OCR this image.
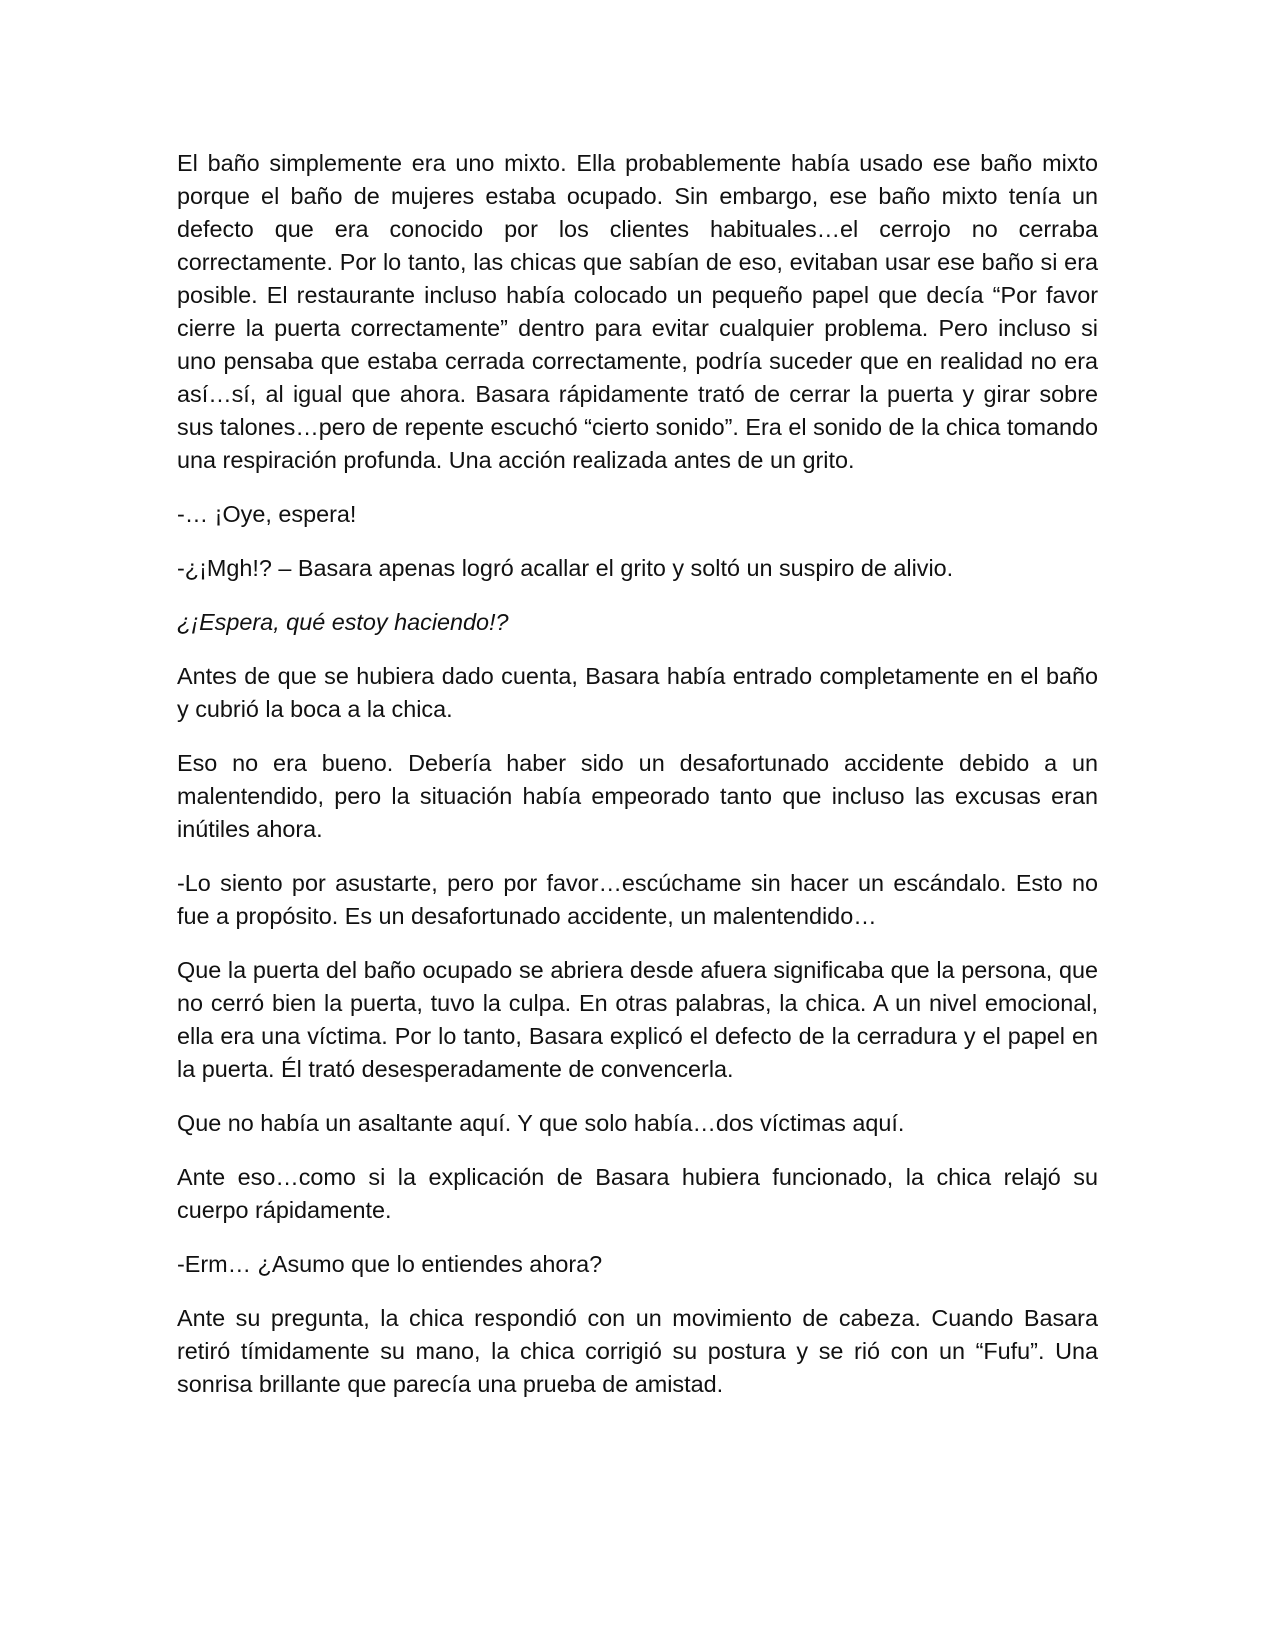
El baño simplemente era uno mixto. Ella probablemente había usado ese baño mixto porque el baño de mujeres estaba ocupado. Sin embargo, ese baño mixto tenía un defecto que era conocido por los clientes habituales…el cerrojo no cerraba correctamente. Por lo tanto, las chicas que sabían de eso, evitaban usar ese baño si era posible. El restaurante incluso había colocado un pequeño papel que decía “Por favor cierre la puerta correctamente” dentro para evitar cualquier problema. Pero incluso si uno pensaba que estaba cerrada correctamente, podría suceder que en realidad no era así…sí, al igual que ahora. Basara rápidamente trató de cerrar la puerta y girar sobre sus talones…pero de repente escuchó “cierto sonido”. Era el sonido de la chica tomando una respiración profunda. Una acción realizada antes de un grito.

-… ¡Oye, espera!

-¿¡Mgh!? – Basara apenas logró acallar el grito y soltó un suspiro de alivio.

¿¡Espera, qué estoy haciendo!?

Antes de que se hubiera dado cuenta, Basara había entrado completamente en el baño y cubrió la boca a la chica.

Eso no era bueno. Debería haber sido un desafortunado accidente debido a un malentendido, pero la situación había empeorado tanto que incluso las excusas eran inútiles ahora.

-Lo siento por asustarte, pero por favor…escúchame sin hacer un escándalo. Esto no fue a propósito. Es un desafortunado accidente, un malentendido…

Que la puerta del baño ocupado se abriera desde afuera significaba que la persona, que no cerró bien la puerta, tuvo la culpa. En otras palabras, la chica. A un nivel emocional, ella era una víctima. Por lo tanto, Basara explicó el defecto de la cerradura y el papel en la puerta. Él trató desesperadamente de convencerla.

Que no había un asaltante aquí. Y que solo había…dos víctimas aquí.

Ante eso…como si la explicación de Basara hubiera funcionado, la chica relajó su cuerpo rápidamente.

-Erm… ¿Asumo que lo entiendes ahora?

Ante su pregunta, la chica respondió con un movimiento de cabeza. Cuando Basara retiró tímidamente su mano, la chica corrigió su postura y se rió con un “Fufu”. Una sonrisa brillante que parecía una prueba de amistad.
